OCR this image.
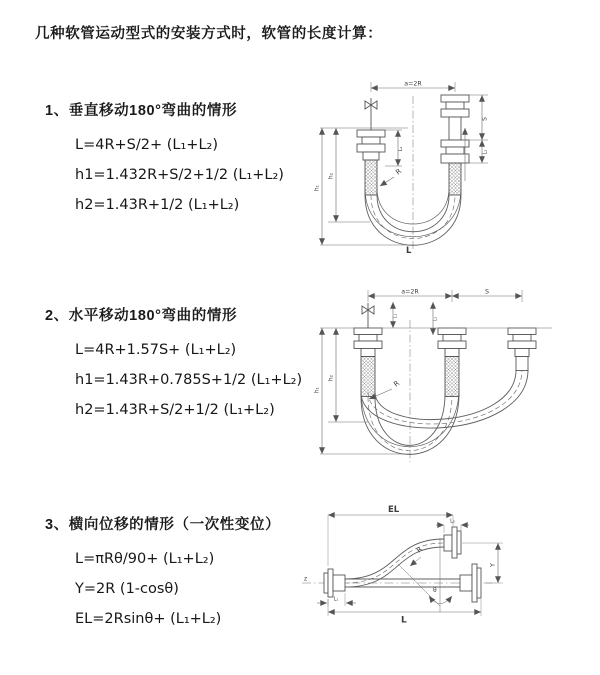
几种软管运动型式的安装方式时，软管的长度计算：
1、垂直移动180°弯曲的情形
L=4R+S/2+ (L₁+L₂)
h1=1.432R+S/2+1/2 (L₁+L₂)
h2=1.43R+1/2 (L₁+L₂)
2、水平移动180°弯曲的情形
L=4R+1.57S+ (L₁+L₂)
h1=1.43R+0.785S+1/2 (L₁+L₂)
h2=1.43R+S/2+1/2 (L₁+L₂)
3、横向位移的情形（一次性变位）
L=πRθ/90+ (L₁+L₂)
Y=2R (1-cosθ)
EL=2Rsinθ+ (L₁+L₂)
a=2R
h₁
h₂
L₁
S
L₂
R
L
a=2R	S
h₁
h₂
L₁
L₂
R
EL
L₂
Y
L
L₁
R
θ
z
